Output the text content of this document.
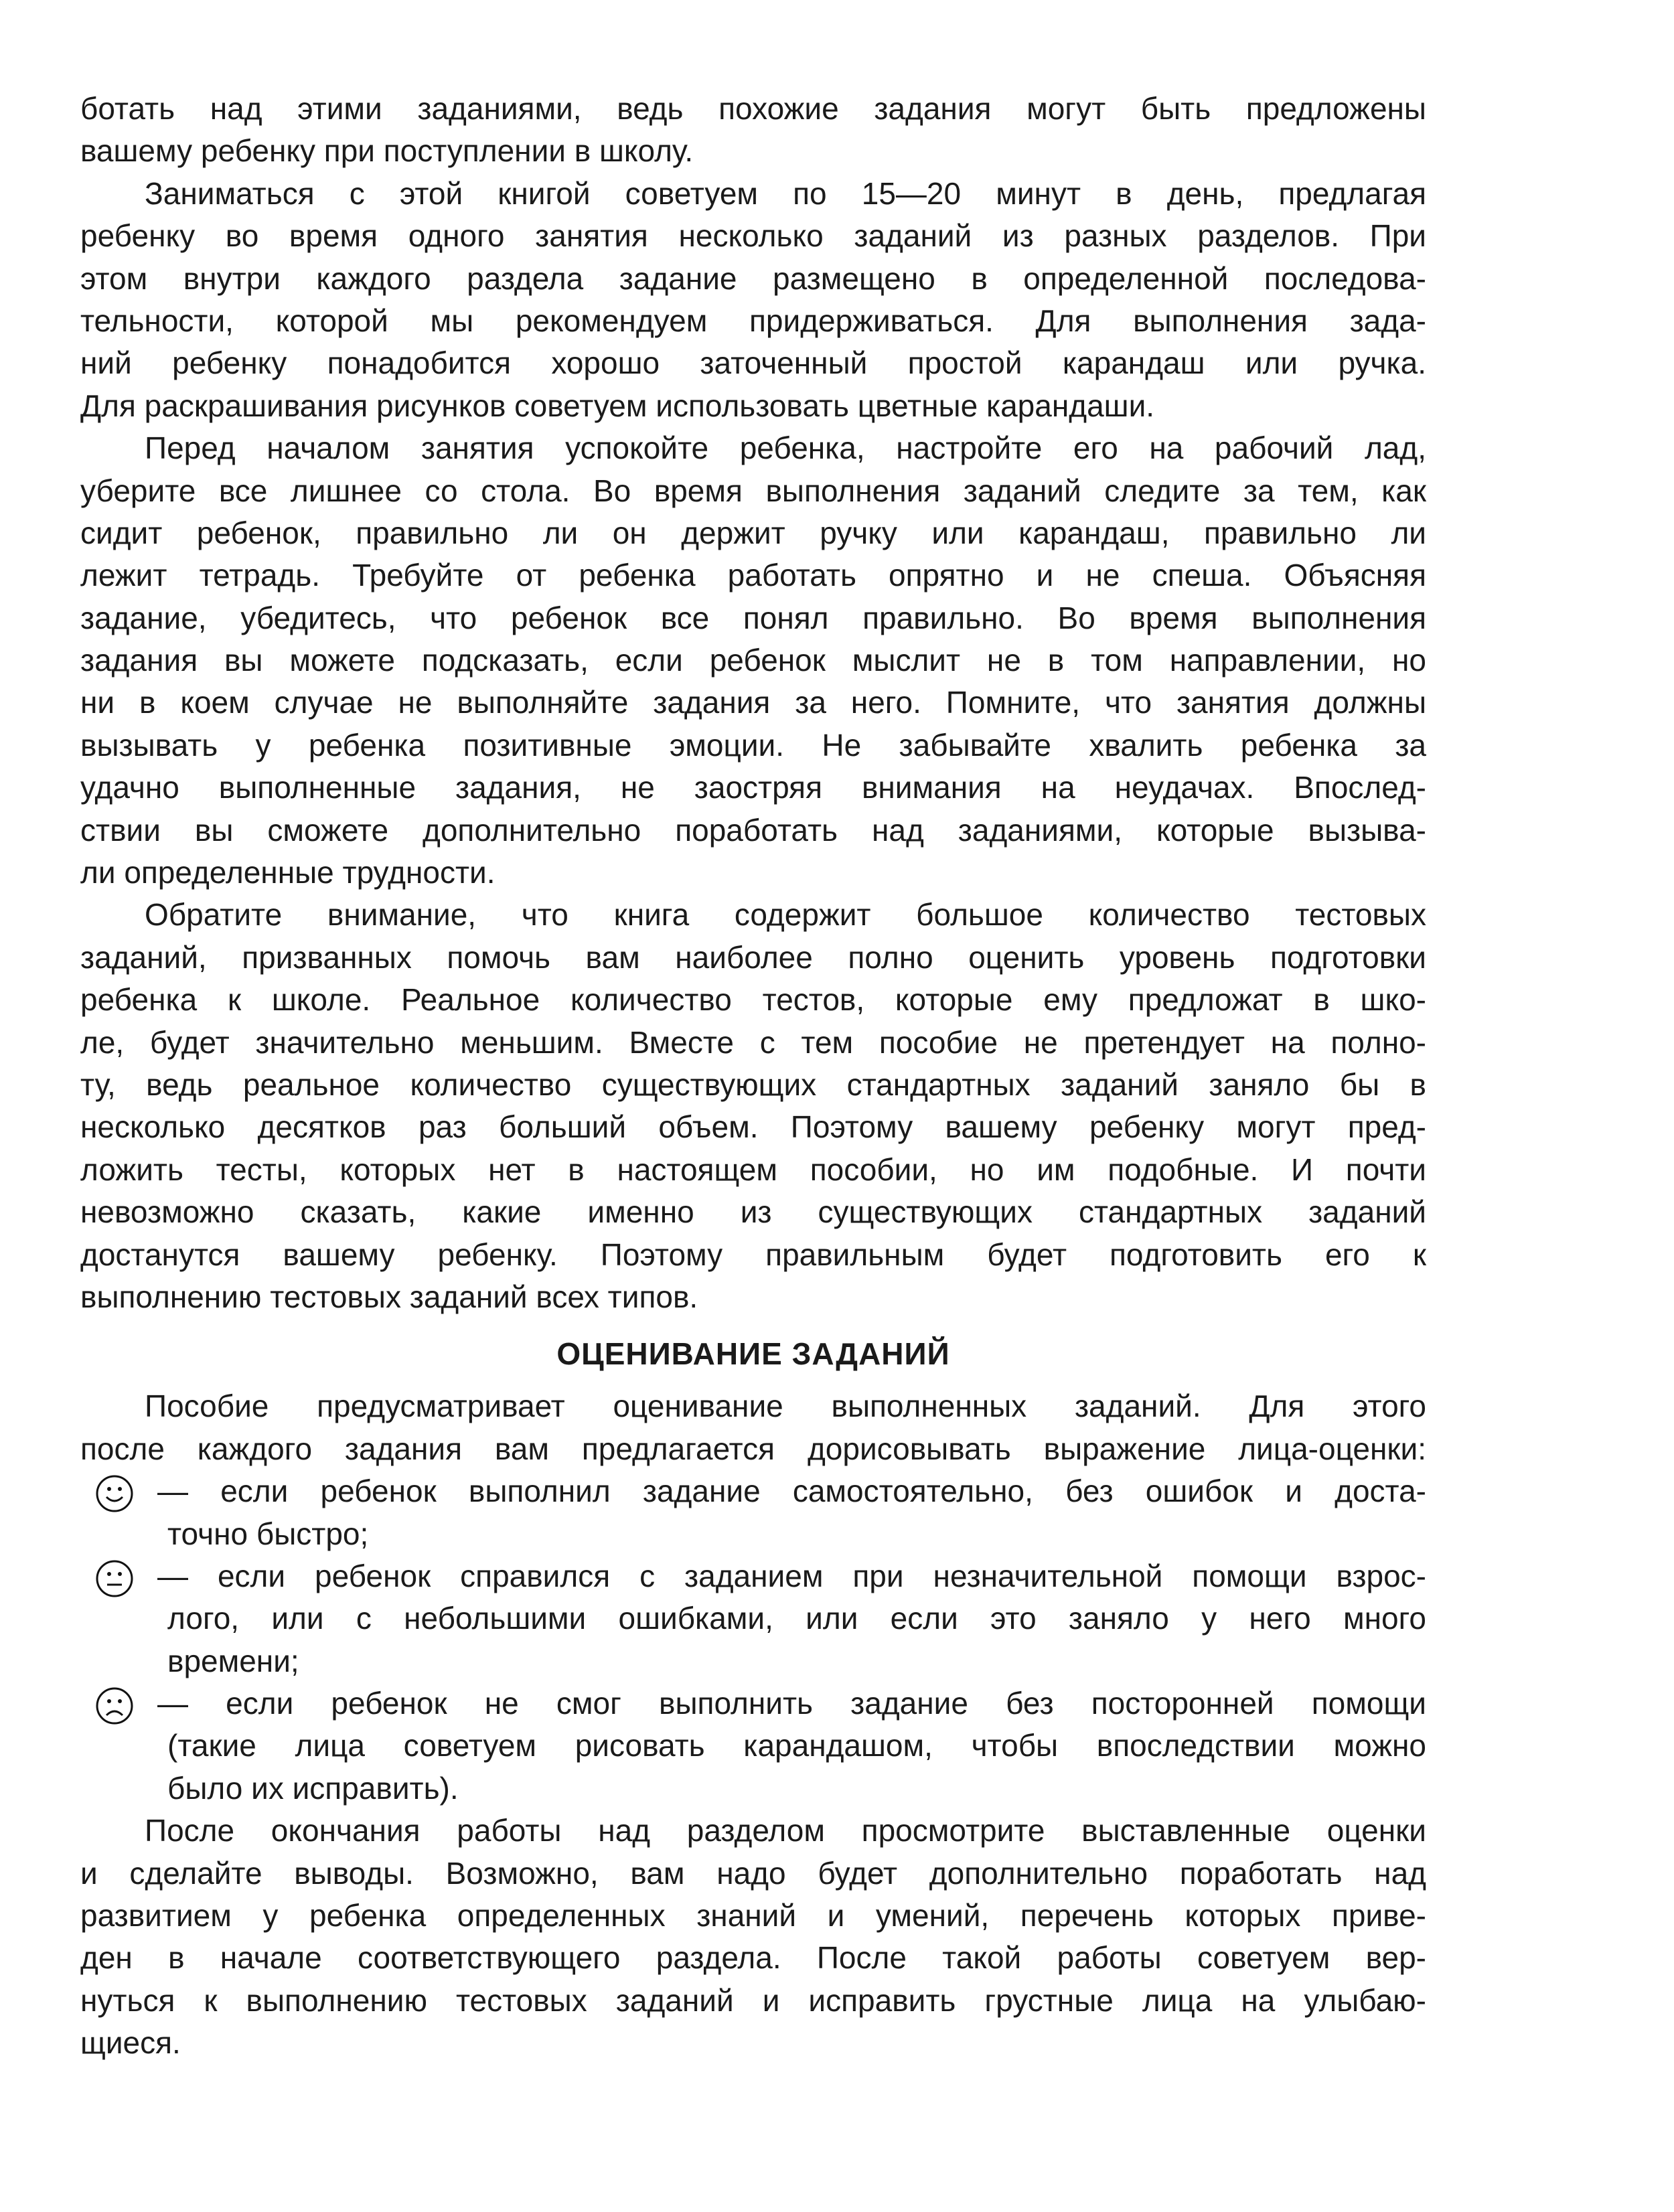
ботать над этими заданиями, ведь похожие задания могут быть предложены
вашему ребенку при поступлении в школу.
Заниматься с этой книгой советуем по 15—20 минут в день, предлагая
ребенку во время одного занятия несколько заданий из разных разделов. При
этом внутри каждого раздела задание размещено в определенной последова-
тельности, которой мы рекомендуем придерживаться. Для выполнения зада-
ний ребенку понадобится хорошо заточенный простой карандаш или ручка.
Для раскрашивания рисунков советуем использовать цветные карандаши.
Перед началом занятия успокойте ребенка, настройте его на рабочий лад,
уберите все лишнее со стола. Во время выполнения заданий следите за тем, как
сидит ребенок, правильно ли он держит ручку или карандаш, правильно ли
лежит тетрадь. Требуйте от ребенка работать опрятно и не спеша. Объясняя
задание, убедитесь, что ребенок все понял правильно. Во время выполнения
задания вы можете подсказать, если ребенок мыслит не в том направлении, но
ни в коем случае не выполняйте задания за него. Помните, что занятия должны
вызывать у ребенка позитивные эмоции. Не забывайте хвалить ребенка за
удачно выполненные задания, не заостряя внимания на неудачах. Впослед-
ствии вы сможете дополнительно поработать над заданиями, которые вызыва-
ли определенные трудности.
Обратите внимание, что книга содержит большое количество тестовых
заданий, призванных помочь вам наиболее полно оценить уровень подготовки
ребенка к школе. Реальное количество тестов, которые ему предложат в шко-
ле, будет значительно меньшим. Вместе с тем пособие не претендует на полно-
ту, ведь реальное количество существующих стандартных заданий заняло бы в
несколько десятков раз больший объем. Поэтому вашему ребенку могут пред-
ложить тесты, которых нет в настоящем пособии, но им подобные. И почти
невозможно сказать, какие именно из существующих стандартных заданий
достанутся вашему ребенку. Поэтому правильным будет подготовить его к
выполнению тестовых заданий всех типов.
ОЦЕНИВАНИЕ ЗАДАНИЙ
Пособие предусматривает оценивание выполненных заданий. Для этого
после каждого задания вам предлагается дорисовывать выражение лица-оценки:
— если ребенок выполнил задание самостоятельно, без ошибок и доста-
точно быстро;
— если ребенок справился с заданием при незначительной помощи взрос-
лого, или с небольшими ошибками, или если это заняло у него много
времени;
— если ребенок не смог выполнить задание без посторонней помощи
(такие лица советуем рисовать карандашом, чтобы впоследствии можно
было их исправить).
После окончания работы над разделом просмотрите выставленные оценки
и сделайте выводы. Возможно, вам надо будет дополнительно поработать над
развитием у ребенка определенных знаний и умений, перечень которых приве-
ден в начале соответствующего раздела. После такой работы советуем вер-
нуться к выполнению тестовых заданий и исправить грустные лица на улыбаю-
щиеся.
